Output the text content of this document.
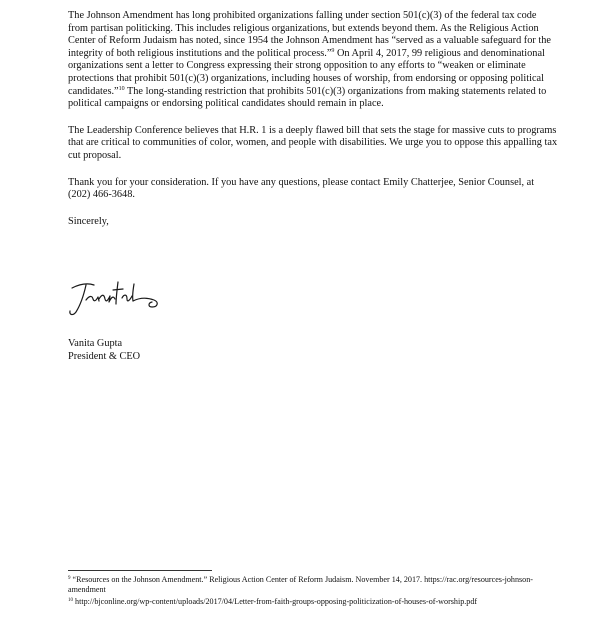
The Johnson Amendment has long prohibited organizations falling under section 501(c)(3) of the federal tax code from partisan politicking. This includes religious organizations, but extends beyond them. As the Religious Action Center of Reform Judaism has noted, since 1954 the Johnson Amendment has “served as a valuable safeguard for the integrity of both religious institutions and the political process.”$^9$ On April 4, 2017, 99 religious and denominational organizations sent a letter to Congress expressing their strong opposition to any efforts to “weaken or eliminate protections that prohibit 501(c)(3) organizations, including houses of worship, from endorsing or opposing political candidates.”$^{10}$ The long-standing restriction that prohibits 501(c)(3) organizations from making statements related to political campaigns or endorsing political candidates should remain in place.

The Leadership Conference believes that H.R. 1 is a deeply flawed bill that sets the stage for massive cuts to programs that are critical to communities of color, women, and people with disabilities. We urge you to oppose this appalling tax cut proposal.

Thank you for your consideration. If you have any questions, please contact Emily Chatterjee, Senior Counsel, at (202) 466-3648.

Sincerely,

Vanita Gupta
President & CEO

$^9$ “Resources on the Johnson Amendment.” Religious Action Center of Reform Judaism. November 14, 2017. https://rac.org/resources-johnson-amendment

$^{10}$ http://bjconline.org/wp-content/uploads/2017/04/Letter-from-faith-groups-opposing-politicization-of-houses-of-worship.pdf
